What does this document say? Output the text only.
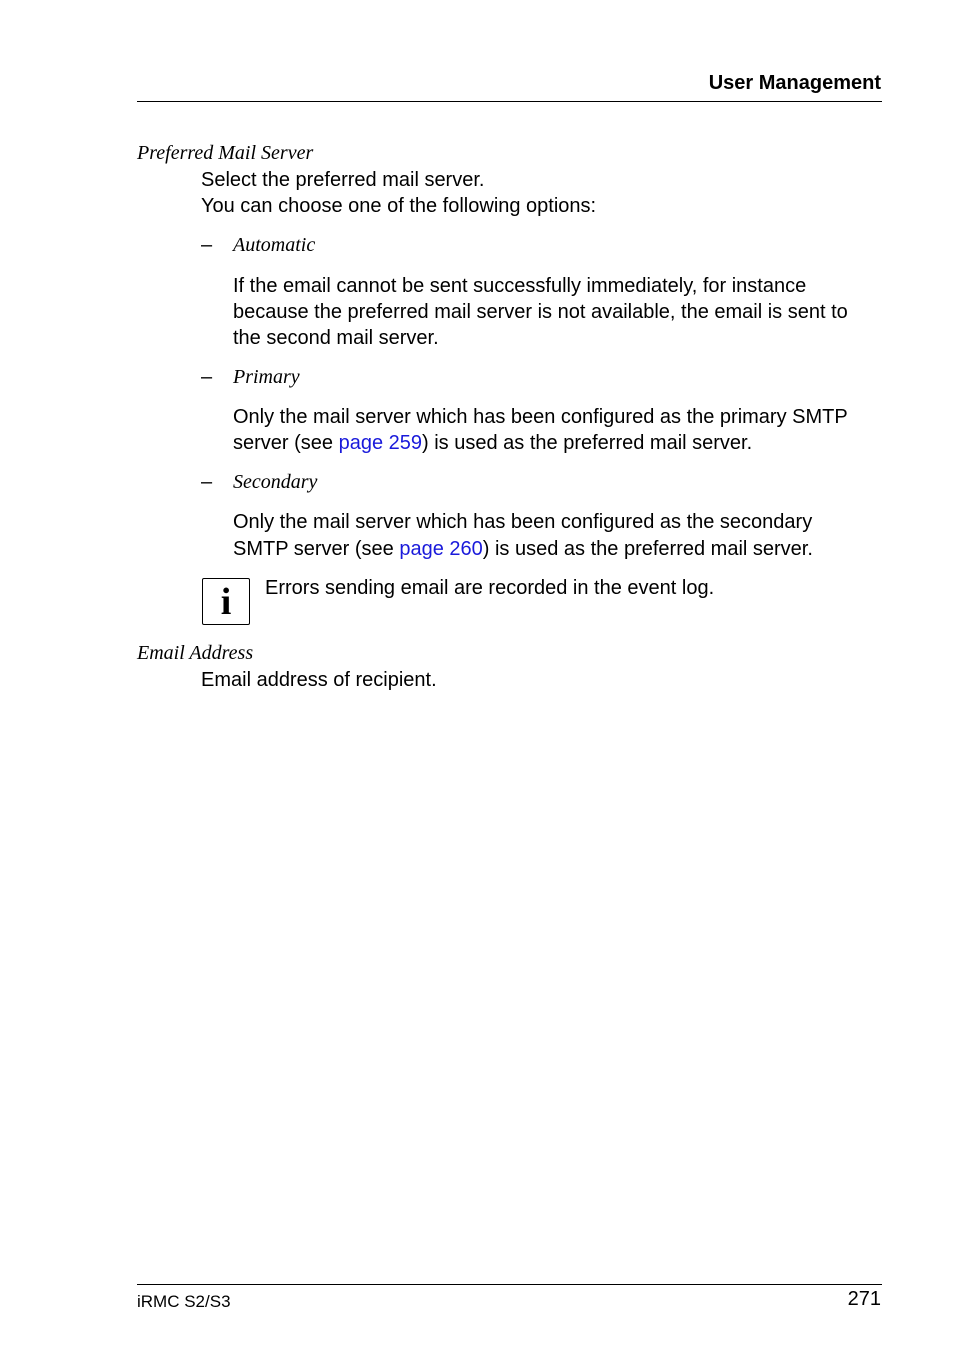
User Management
Preferred Mail Server
Select the preferred mail server.
You can choose one of the following options:
– Automatic
If the email cannot be sent successfully immediately, for instance
because the preferred mail server is not available, the email is sent to
the second mail server.
– Primary
Only the mail server which has been configured as the primary SMTP
server (see page 259) is used as the preferred mail server.
– Secondary
Only the mail server which has been configured as the secondary
SMTP server (see page 260) is used as the preferred mail server.
i	Errors sending email are recorded in the event log.
Email Address
Email address of recipient.
iRMC S2/S3	271
